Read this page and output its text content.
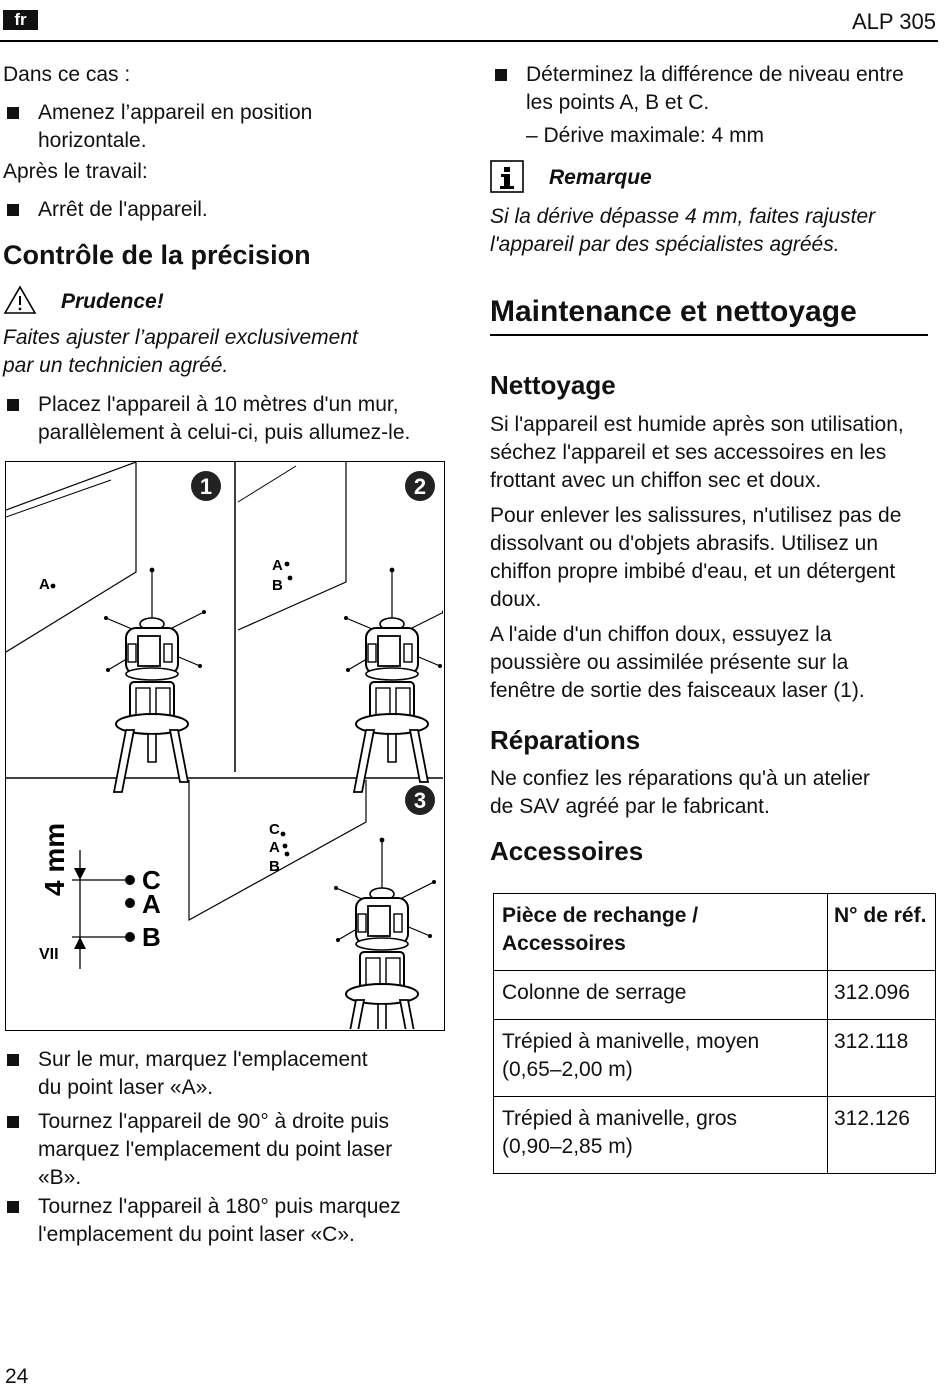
fr	ALP 305
Dans ce cas :
Amenez l’appareil en position
horizontale.
Après le travail:
Arrêt de l'appareil.
Contrôle de la précision
Prudence!
Faites ajuster l’appareil exclusivement
par un technicien agréé.
Placez l'appareil à 10 mètres d'un mur,
parallèlement à celui-ci, puis allumez-le.
1	2
3
A
A
B
C
A
B
4 mm
VII
C
A
B
Sur le mur, marquez l'emplacement
du point laser «A».
Tournez l'appareil de 90° à droite puis
marquez l'emplacement du point laser
«B».
Tournez l'appareil à 180° puis marquez
l'emplacement du point laser «C».
Déterminez la différence de niveau entre
les points A, B et C.
– Dérive maximale: 4 mm
Remarque
Si la dérive dépasse 4 mm, faites rajuster
l'appareil par des spécialistes agréés.
Maintenance et nettoyage
Nettoyage
Si l'appareil est humide après son utilisation,
séchez l'appareil et ses accessoires en les
frottant avec un chiffon sec et doux.
Pour enlever les salissures, n'utilisez pas de
dissolvant ou d'objets abrasifs. Utilisez un
chiffon propre imbibé d'eau, et un détergent
doux.
A l'aide d'un chiffon doux, essuyez la
poussière ou assimilée présente sur la
fenêtre de sortie des faisceaux laser (1).
Réparations
Ne confiez les réparations qu'à un atelier
de SAV agréé par le fabricant.
Accessoires
Pièce de rechange /
Accessoires	N° de réf.

Colonne de serrage	312.096

Trépied à manivelle, moyen
(0,65–2,00 m)	312.118

Trépied à manivelle, gros
(0,90–2,85 m)	312.126
24
